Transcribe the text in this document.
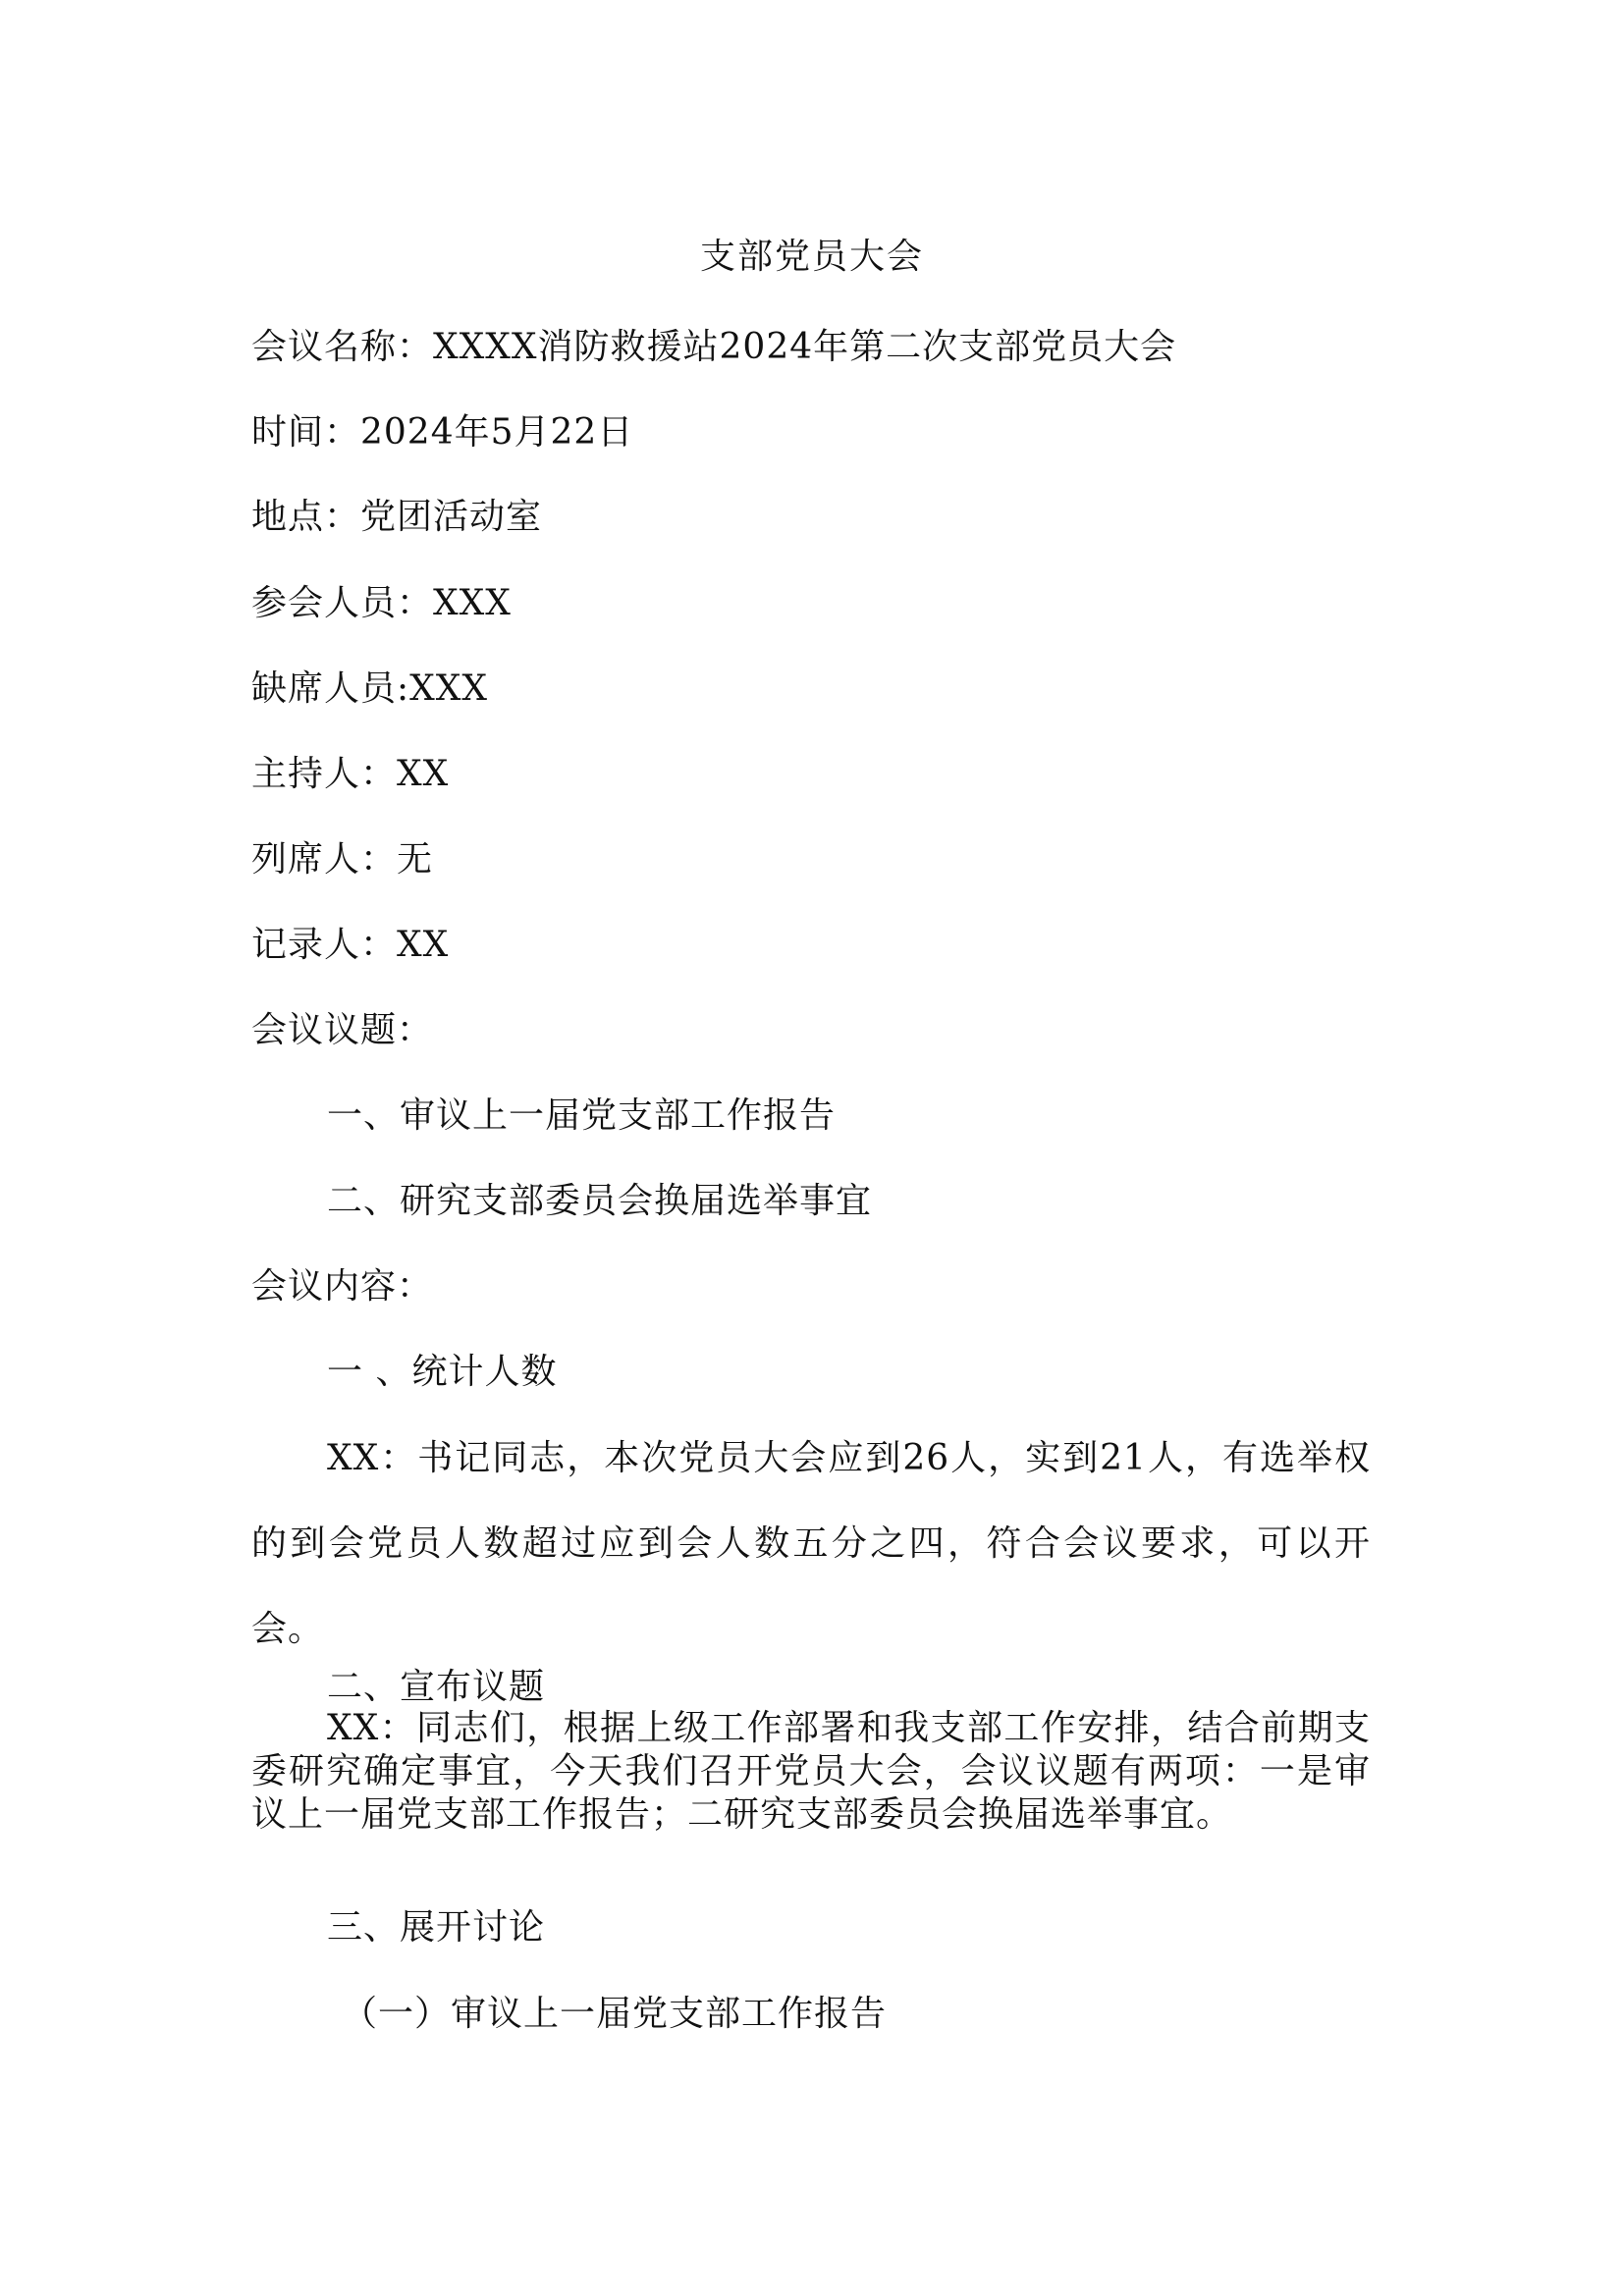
支部党员大会
会议名称：XXXX消防救援站2024年第二次支部党员大会
时间：2024年5月22日
地点：党团活动室
参会人员：XXX
缺席人员:XXX
主持人：XX
列席人：无
记录人：XX
会议议题：
一、审议上一届党支部工作报告
二、研究支部委员会换届选举事宜
会议内容：
一 、统计人数

XX：书记同志，本次党员大会应到26人，实到21人，有选举权的到会党员人数超过应到会人数五分之四，符合会议要求，可以开会。

二、宣布议题

XX：同志们，根据上级工作部署和我支部工作安排，结合前期支委研究确定事宜，今天我们召开党员大会，会议议题有两项：一是审议上一届党支部工作报告；二研究支部委员会换届选举事宜。

三、展开讨论
（一）审议上一届党支部工作报告
